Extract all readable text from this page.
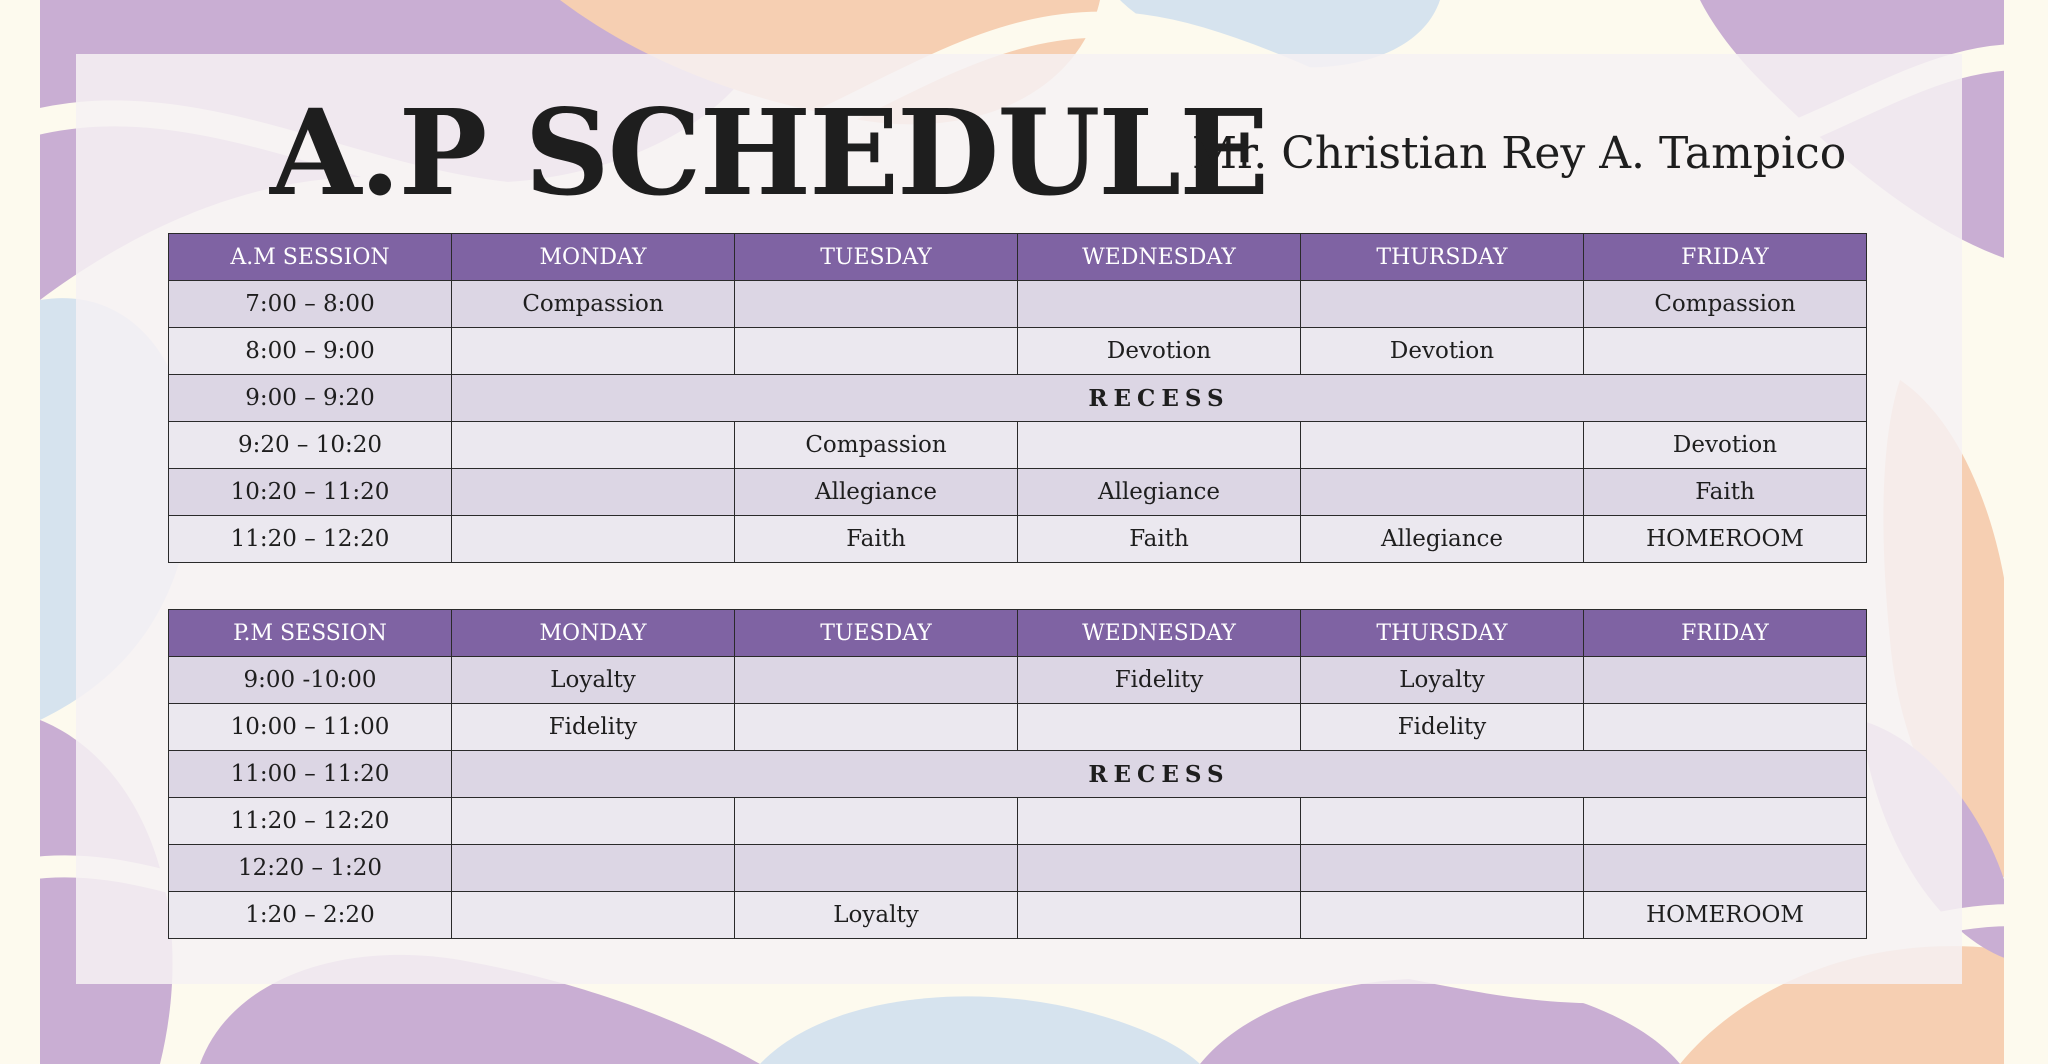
A.P SCHEDULE
Mr. Christian Rey A. Tampico
A.M SESSION	MONDAY	TUESDAY	WEDNESDAY	THURSDAY	FRIDAY
7:00 – 8:00	Compassion				Compassion
8:00 – 9:00			Devotion	Devotion	
9:00 – 9:20	RECESS				
9:20 – 10:20		Compassion			Devotion
10:20 – 11:20		Allegiance	Allegiance		Faith
11:20 – 12:20		Faith	Faith	Allegiance	HOMEROOM
P.M SESSION	MONDAY	TUESDAY	WEDNESDAY	THURSDAY	FRIDAY
9:00 -10:00	Loyalty		Fidelity	Loyalty	
10:00 – 11:00	Fidelity			Fidelity	
11:00 – 11:20	RECESS				
11:20 – 12:20					
12:20 – 1:20					
1:20 – 2:20		Loyalty			HOMEROOM
